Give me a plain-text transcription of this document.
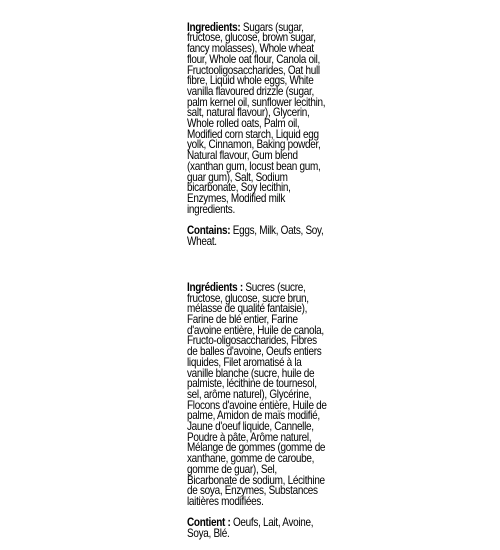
Ingredients: Sugars (sugar, fructose, glucose, brown sugar, fancy molasses), Whole wheat flour, Whole oat flour, Canola oil, Fructooligosaccharides, Oat hull fibre, Liquid whole eggs, White vanilla flavoured drizzle (sugar, palm kernel oil, sunflower lecithin, salt, natural flavour), Glycerin, Whole rolled oats, Palm oil, Modified corn starch, Liquid egg yolk, Cinnamon, Baking powder, Natural flavour, Gum blend (xanthan gum, locust bean gum, guar gum), Salt, Sodium bicarbonate, Soy lecithin, Enzymes, Modified milk ingredients.

Contains: Eggs, Milk, Oats, Soy, Wheat.

Ingrédients : Sucres (sucre, fructose, glucose, sucre brun, mélasse de qualité fantaisie), Farine de blé entier, Farine d'avoine entière, Huile de canola, Fructo-oligosaccharides, Fibres de balles d'avoine, Oeufs entiers liquides, Filet aromatisé à la vanille blanche (sucre, huile de palmiste, lécithine de tournesol, sel, arôme naturel), Glycérine, Flocons d'avoine entière, Huile de palme, Amidon de maïs modifié, Jaune d'oeuf liquide, Cannelle, Poudre à pâte, Arôme naturel, Mélange de gommes (gomme de xanthane, gomme de caroube, gomme de guar), Sel, Bicarbonate de sodium, Lécithine de soya, Enzymes, Substances laitières modifiées.

Contient : Oeufs, Lait, Avoine, Soya, Blé.
